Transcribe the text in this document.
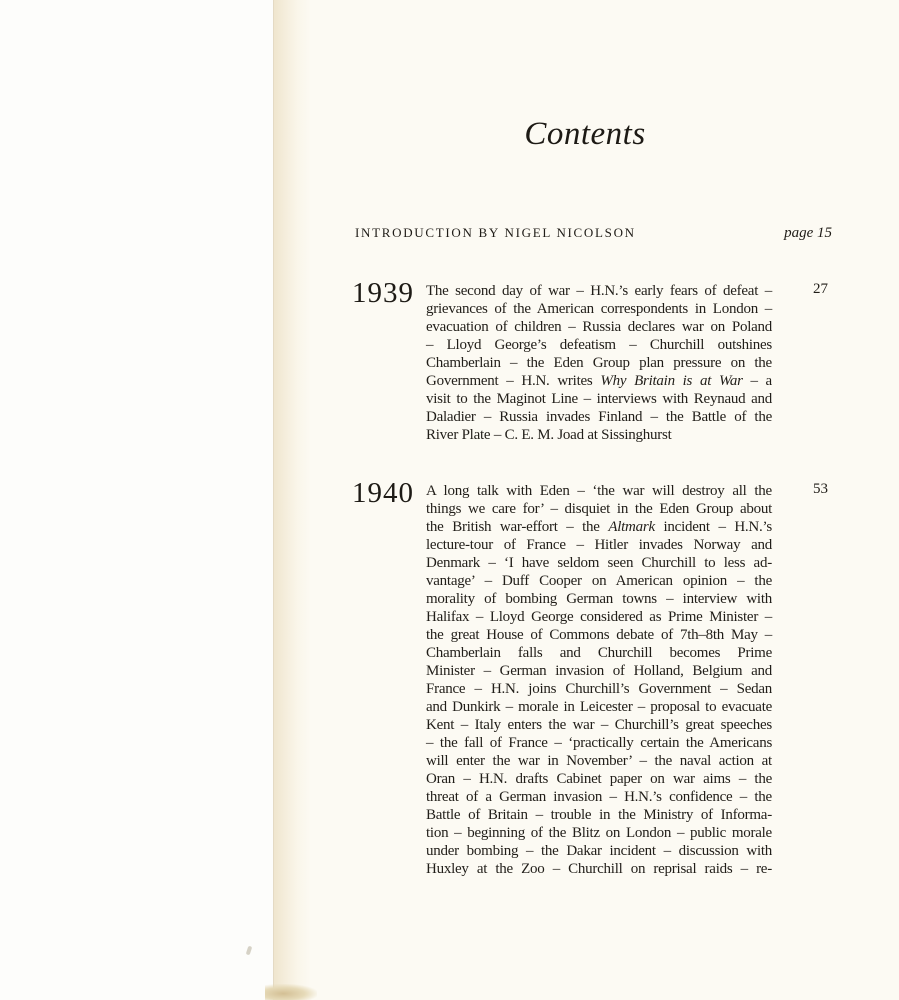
Contents
INTRODUCTION BY NIGEL NICOLSON	page 15
1939 The second day of war – H.N.’s early fears of defeat –
grievances of the American correspondents in London –
evacuation of children – Russia declares war on Poland
– Lloyd George’s defeatism – Churchill outshines
Chamberlain – the Eden Group plan pressure on the
Government – H.N. writes Why Britain is at War – a
visit to the Maginot Line – interviews with Reynaud and
Daladier – Russia invades Finland – the Battle of the
River Plate – C. E. M. Joad at Sissinghurst
27
1940 A long talk with Eden – ‘the war will destroy all the
things we care for’ – disquiet in the Eden Group about
the British war-effort – the Altmark incident – H.N.’s
lecture-tour of France – Hitler invades Norway and
Denmark – ‘I have seldom seen Churchill to less ad-
vantage’ – Duff Cooper on American opinion – the
morality of bombing German towns – interview with
Halifax – Lloyd George considered as Prime Minister –
the great House of Commons debate of 7th–8th May –
Chamberlain falls and Churchill becomes Prime
Minister – German invasion of Holland, Belgium and
France – H.N. joins Churchill’s Government – Sedan
and Dunkirk – morale in Leicester – proposal to evacuate
Kent – Italy enters the war – Churchill’s great speeches
– the fall of France – ‘practically certain the Americans
will enter the war in November’ – the naval action at
Oran – H.N. drafts Cabinet paper on war aims – the
threat of a German invasion – H.N.’s confidence – the
Battle of Britain – trouble in the Ministry of Informa-
tion – beginning of the Blitz on London – public morale
under bombing – the Dakar incident – discussion with
Huxley at the Zoo – Churchill on reprisal raids – re-
53
